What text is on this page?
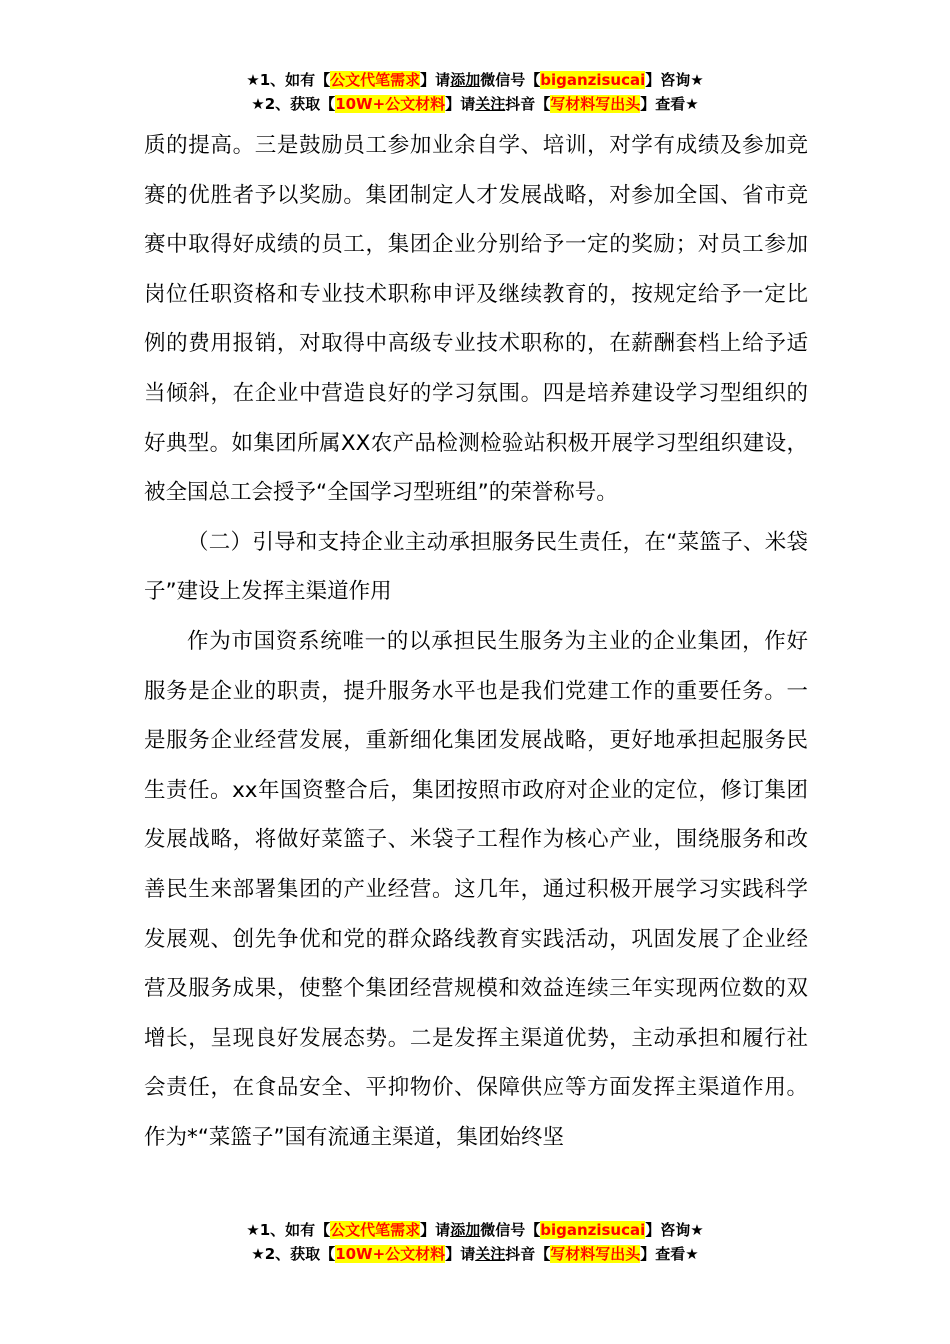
★1、如有【公文代笔需求】请添加微信号【biganzisucai】咨询★
★2、获取【10W+公文材料】请关注抖音【写材料写出头】查看★

质的提高。三是鼓励员工参加业余自学、培训，对学有成绩及参加竞赛的优胜者予以奖励。集团制定人才发展战略，对参加全国、省市竞赛中取得好成绩的员工，集团企业分别给予一定的奖励；对员工参加岗位任职资格和专业技术职称申评及继续教育的，按规定给予一定比例的费用报销，对取得中高级专业技术职称的，在薪酬套档上给予适当倾斜，在企业中营造良好的学习氛围。四是培养建设学习型组织的好典型。如集团所属XX农产品检测检验站积极开展学习型组织建设，被全国总工会授予“全国学习型班组”的荣誉称号。

（二）引导和支持企业主动承担服务民生责任，在“菜篮子、米袋子”建设上发挥主渠道作用

作为市国资系统唯一的以承担民生服务为主业的企业集团，作好服务是企业的职责，提升服务水平也是我们党建工作的重要任务。一是服务企业经营发展，重新细化集团发展战略，更好地承担起服务民生责任。xx年国资整合后，集团按照市政府对企业的定位，修订集团发展战略，将做好菜篮子、米袋子工程作为核心产业，围绕服务和改善民生来部署集团的产业经营。这几年，通过积极开展学习实践科学发展观、创先争优和党的群众路线教育实践活动，巩固发展了企业经营及服务成果，使整个集团经营规模和效益连续三年实现两位数的双增长，呈现良好发展态势。二是发挥主渠道优势，主动承担和履行社会责任，在食品安全、平抑物价、保障供应等方面发挥主渠道作用。作为*“菜篮子”国有流通主渠道，集团始终坚

★1、如有【公文代笔需求】请添加微信号【biganzisucai】咨询★
★2、获取【10W+公文材料】请关注抖音【写材料写出头】查看★
